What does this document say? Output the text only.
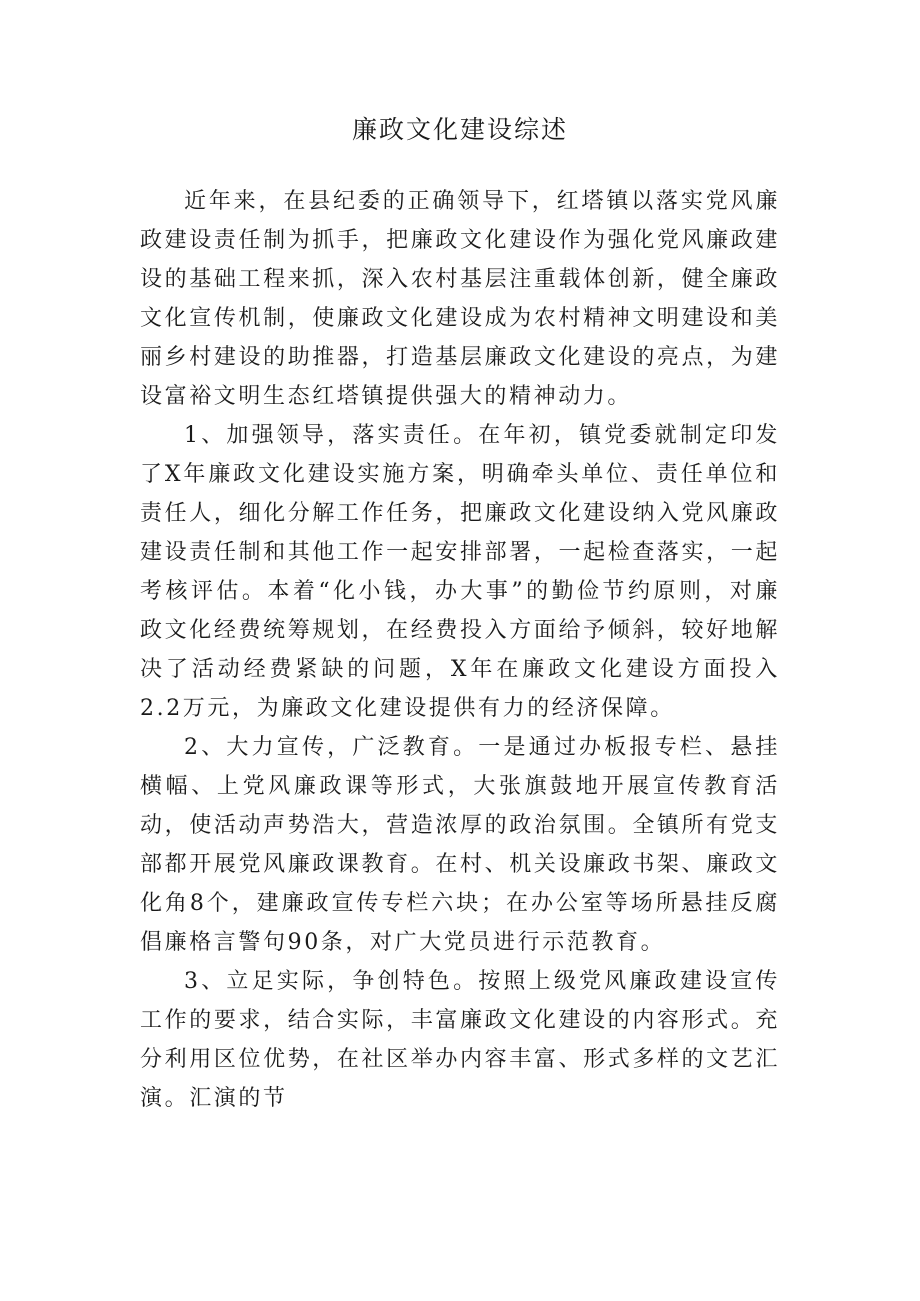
廉政文化建设综述

近年来，在县纪委的正确领导下，红塔镇以落实党风廉政建设责任制为抓手，把廉政文化建设作为强化党风廉政建设的基础工程来抓，深入农村基层注重载体创新，健全廉政文化宣传机制，使廉政文化建设成为农村精神文明建设和美丽乡村建设的助推器，打造基层廉政文化建设的亮点，为建设富裕文明生态红塔镇提供强大的精神动力。

1、加强领导，落实责任。在年初，镇党委就制定印发了X年廉政文化建设实施方案，明确牵头单位、责任单位和责任人，细化分解工作任务，把廉政文化建设纳入党风廉政建设责任制和其他工作一起安排部署，一起检查落实，一起考核评估。本着“化小钱，办大事”的勤俭节约原则，对廉政文化经费统筹规划，在经费投入方面给予倾斜，较好地解决了活动经费紧缺的问题，X年在廉政文化建设方面投入2.2万元，为廉政文化建设提供有力的经济保障。

2、大力宣传，广泛教育。一是通过办板报专栏、悬挂横幅、上党风廉政课等形式，大张旗鼓地开展宣传教育活动，使活动声势浩大，营造浓厚的政治氛围。全镇所有党支部都开展党风廉政课教育。在村、机关设廉政书架、廉政文化角8个，建廉政宣传专栏六块；在办公室等场所悬挂反腐倡廉格言警句90条，对广大党员进行示范教育。

3、立足实际，争创特色。按照上级党风廉政建设宣传工作的要求，结合实际，丰富廉政文化建设的内容形式。充分利用区位优势，在社区举办内容丰富、形式多样的文艺汇演。汇演的节
